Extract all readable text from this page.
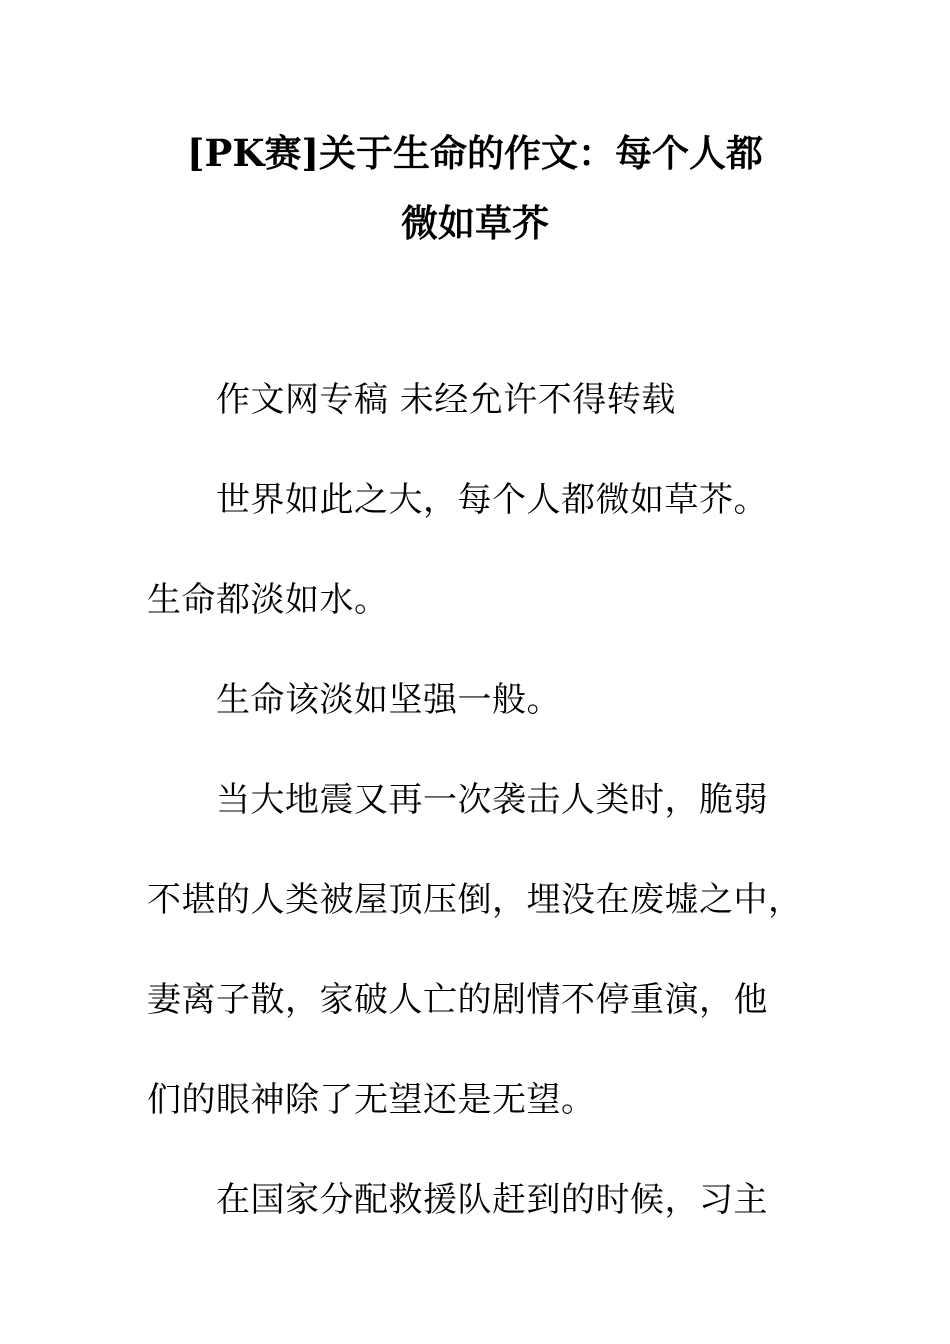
[PK赛]关于生命的作文：每个人都
微如草芥
作文网专稿 未经允许不得转载
世界如此之大，每个人都微如草芥。
生命都淡如水。
生命该淡如坚强一般。
当大地震又再一次袭击人类时，脆弱
不堪的人类被屋顶压倒，埋没在废墟之中，
妻离子散，家破人亡的剧情不停重演，他
们的眼神除了无望还是无望。
在国家分配救援队赶到的时候，习主
